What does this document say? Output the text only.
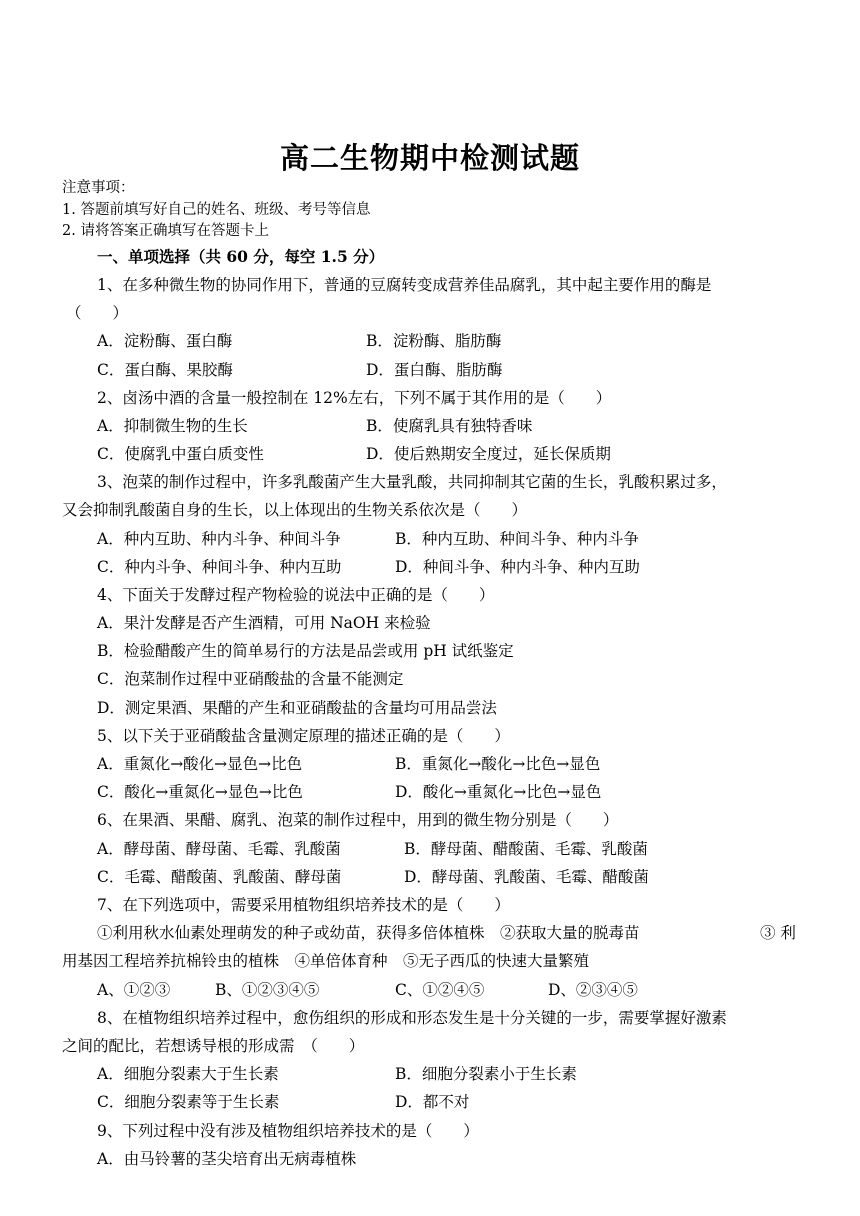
高二生物期中检测试题
注意事项：
1. 答题前填写好自己的姓名、班级、考号等信息
2. 请将答案正确填写在答题卡上
一、单项选择（共 60 分，每空 1.5 分）
1、在多种微生物的协同作用下，普通的豆腐转变成营养佳品腐乳，其中起主要作用的酶是
（　　）
A．淀粉酶、蛋白酶	B．淀粉酶、脂肪酶
C．蛋白酶、果胶酶	D．蛋白酶、脂肪酶
2、卤汤中酒的含量一般控制在 12%左右，下列不属于其作用的是（　　）
A．抑制微生物的生长	B．使腐乳具有独特香味
C．使腐乳中蛋白质变性	D．使后熟期安全度过，延长保质期
3、泡菜的制作过程中，许多乳酸菌产生大量乳酸，共同抑制其它菌的生长，乳酸积累过多，
又会抑制乳酸菌自身的生长，以上体现出的生物关系依次是（　　）
A．种内互助、种内斗争、种间斗争	B．种内互助、种间斗争、种内斗争
C．种内斗争、种间斗争、种内互助	D．种间斗争、种内斗争、种内互助
4、下面关于发酵过程产物检验的说法中正确的是（　　）
A．果汁发酵是否产生酒精，可用 NaOH 来检验
B．检验醋酸产生的简单易行的方法是品尝或用 pH 试纸鉴定
C．泡菜制作过程中亚硝酸盐的含量不能测定
D．测定果酒、果醋的产生和亚硝酸盐的含量均可用品尝法
5、以下关于亚硝酸盐含量测定原理的描述正确的是（　　）
A．重氮化→酸化→显色→比色	B．重氮化→酸化→比色→显色
C．酸化→重氮化→显色→比色	D．酸化→重氮化→比色→显色
6、在果酒、果醋、腐乳、泡菜的制作过程中，用到的微生物分别是（　　）
A．酵母菌、酵母菌、毛霉、乳酸菌	B．酵母菌、醋酸菌、毛霉、乳酸菌
C．毛霉、醋酸菌、乳酸菌、酵母菌	D．酵母菌、乳酸菌、毛霉、醋酸菌
7、在下列选项中，需要采用植物组织培养技术的是（　　）
①利用秋水仙素处理萌发的种子或幼苗，获得多倍体植株　②获取大量的脱毒苗	③ 利
用基因工程培养抗棉铃虫的植株　④单倍体育种　⑤无子西瓜的快速大量繁殖
A、①②③	B、①②③④⑤	C、①②④⑤	D、②③④⑤
8、在植物组织培养过程中，愈伤组织的形成和形态发生是十分关键的一步，需要掌握好激素
之间的配比，若想诱导根的形成需　（　　）
A．细胞分裂素大于生长素	B．细胞分裂素小于生长素
C．细胞分裂素等于生长素	D．都不对
9、下列过程中没有涉及植物组织培养技术的是（　　）
A．由马铃薯的茎尖培育出无病毒植株
